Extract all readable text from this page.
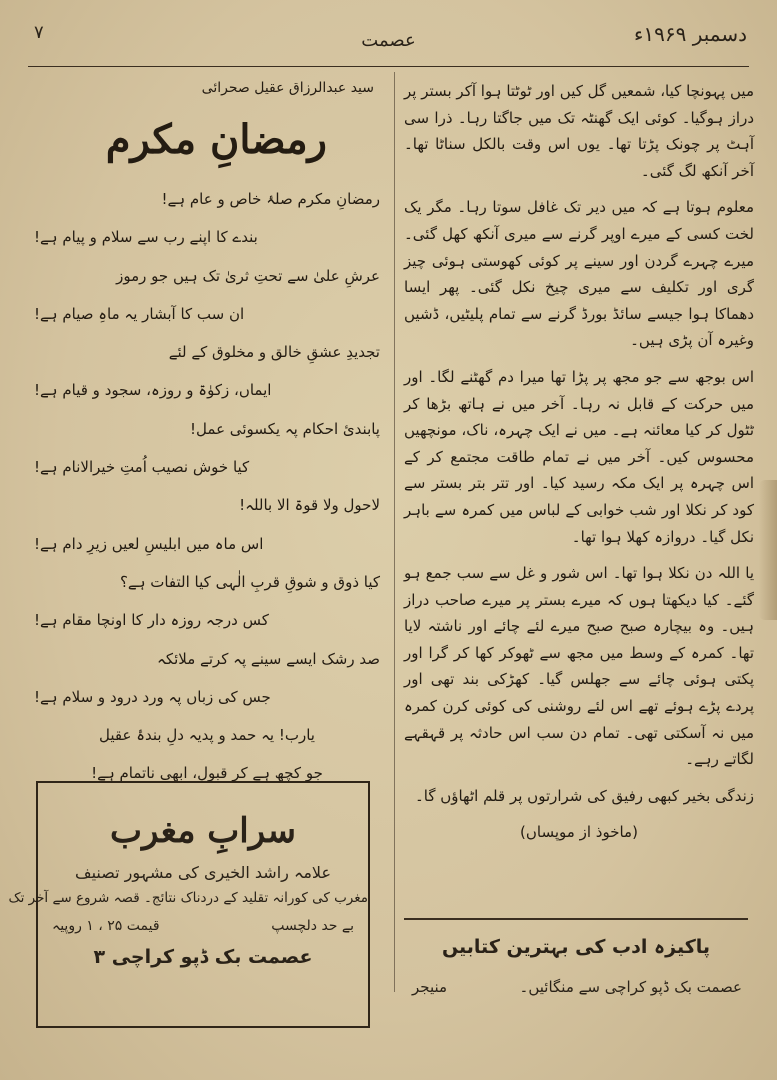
۷	عصمت	دسمبر ۱۹۶۹ء

میں پہونچا کیا، شمعیں گل کیں اور ٹوٹتا ہوا آکر بستر پر دراز ہوگیا۔ کوئی ایک گھنٹہ تک میں جاگتا رہا۔ ذرا سی آہٹ پر چونک پڑتا تھا۔ یوں اس وقت بالکل سناٹا تھا۔ آخر آنکھ لگ گئی۔

معلوم ہوتا ہے کہ میں دیر تک غافل سوتا رہا۔ مگر یک لخت کسی کے میرے اوپر گرنے سے میری آنکھ کھل گئی۔ میرے چہرے گردن اور سینے پر کوئی کھوستی ہوئی چیز گری اور تکلیف سے میری چیخ نکل گئی۔ پھر ایسا دھماکا ہوا جیسے سائڈ بورڈ گرنے سے تمام پلیٹیں، ڈشیں وغیرہ آن پڑی ہیں۔

اس بوجھ سے جو مجھ پر پڑا تھا میرا دم گھٹنے لگا۔ اور میں حرکت کے قابل نہ رہا۔ آخر میں نے ہاتھ بڑھا کر ٹٹول کر کیا معائنہ ہے۔ میں نے ایک چہرہ، ناک، مونچھیں محسوس کیں۔ آخر میں نے تمام طاقت مجتمع کر کے اس چہرہ پر ایک مکہ رسید کیا۔ اور تتر بتر بستر سے کود کر نکلا اور شب خوابی کے لباس میں کمرہ سے باہر نکل گیا۔ دروازہ کھلا ہوا تھا۔

یا اللہ دن نکلا ہوا تھا۔ اس شور و غل سے سب جمع ہو گئے۔ کیا دیکھتا ہوں کہ میرے بستر پر میرے صاحب دراز ہیں۔ وہ بیچارہ صبح صبح میرے لئے چائے اور ناشتہ لایا تھا۔ کمرہ کے وسط میں مجھ سے ٹھوکر کھا کر گرا اور پکتی ہوئی چائے سے جھلس گیا۔ کھڑکی بند تھی اور پردے پڑے ہوئے تھے اس لئے روشنی کی کوئی کرن کمرہ میں نہ آسکتی تھی۔ تمام دن سب اس حادثہ پر قہقہے لگاتے رہے۔

زندگی بخیر کبھی رفیق کی شرارتوں پر قلم اٹھاؤں گا۔

(ماخوذ از موپساں)

سید عبدالرزاق عقیل صحرائی
رمضانِ مکرم
رمضانِ مکرم صلۂ خاص و عام ہے!
بندے کا اپنے رب سے سلام و پیام ہے!
عرشِ علیٰ سے تحتِ ثریٰ تک ہیں جو رموز
ان سب کا آبشار یہ ماہِ صیام ہے!
تجدیدِ عشقِ خالق و مخلوق کے لئے
ایماں، زکوٰۃ و روزہ، سجود و قیام ہے!
پابندیٔ احکام پہ یکسوئی عمل!
کیا خوش نصیب اُمتِ خیرالانام ہے!
لاحول ولا قوۃ الا باللہ!
اس ماہ میں ابلیسِ لعیں زیرِ دام ہے!
کیا ذوق و شوقِ قربِ الٰہی کیا التفات ہے؟
کس درجہ روزہ دار کا اونچا مقام ہے!
صد رشک ایسے سینے پہ کرتے ملائکہ
جس کی زباں پہ ورد درود و سلام ہے!
یارب! یہ حمد و پدیہ دلِ بندۂ عقیل
جو کچھ ہے کر قبول، ابھی ناتمام ہے!
سرابِ مغرب
علامہ راشد الخیری کی مشہور تصنیف
مغرب کی کورانہ تقلید کے دردناک نتائج۔ قصہ شروع سے آخر تک
بے حد دلچسپ
قیمت ۲۵ ، ۱ روپیہ
عصمت بک ڈپو کراچی ۳	پاکیزہ ادب کی بہترین کتابیں
عصمت بک ڈپو کراچی سے منگائیں۔
منیجر
